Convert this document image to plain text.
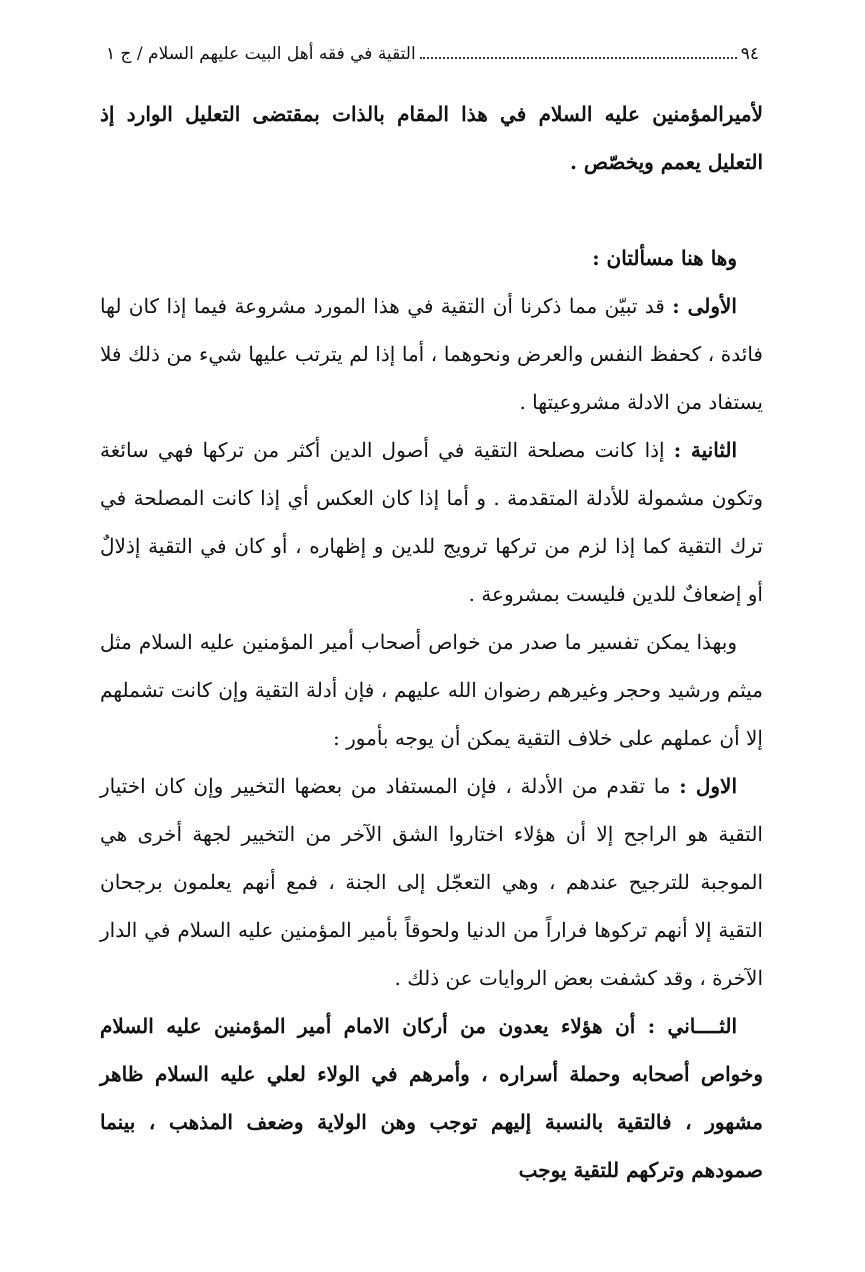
٩٤
التقية في فقه أهل البيت عليهم السلام / ج ١

لأميرالمؤمنين عليه السلام في هذا المقام بالذات بمقتضى التعليل الوارد إذ التعليل يعمم ويخصّص .

وها هنا مسألتان :

الأولى : قد تبيّن مما ذكرنا أن التقية في هذا المورد مشروعة فيما إذا كان لها فائدة ، كحفظ النفس والعرض ونحوهما ، أما إذا لم يترتب عليها شيء من ذلك فلا يستفاد من الادلة مشروعيتها .

الثانية : إذا كانت مصلحة التقية في أصول الدين أكثر من تركها فهي سائغة وتكون مشمولة للأدلة المتقدمة . و أما إذا كان العكس أي إذا كانت المصلحة في ترك التقية كما إذا لزم من تركها ترويج للدين و إظهاره ، أو كان في التقية إذلالٌ أو إضعافٌ للدين فليست بمشروعة .

وبهذا يمكن تفسير ما صدر من خواص أصحاب أمير المؤمنين عليه السلام مثل ميثم ورشيد وحجر وغيرهم رضوان الله عليهم ، فإن أدلة التقية وإن كانت تشملهم إلا أن عملهم على خلاف التقية يمكن أن يوجه بأمور :

الاول : ما تقدم من الأدلة ، فإن المستفاد من بعضها التخيير وإن كان اختيار التقية هو الراجح إلا أن هؤلاء اختاروا الشق الآخر من التخيير لجهة أخرى هي الموجبة للترجيح عندهم ، وهي التعجّل إلى الجنة ، فمع أنهم يعلمون برجحان التقية إلا أنهم تركوها فراراً من الدنيا ولحوقاً بأمير المؤمنين عليه السلام في الدار الآخرة ، وقد كشفت بعض الروايات عن ذلك .

الثــــاني : أن هؤلاء يعدون من أركان الامام أمير المؤمنين عليه السلام وخواص أصحابه وحملة أسراره ، وأمرهم في الولاء لعلي عليه السلام ظاهر مشهور ، فالتقية بالنسبة إليهم توجب وهن الولاية وضعف المذهب ، بينما صمودهم وتركهم للتقية يوجب
